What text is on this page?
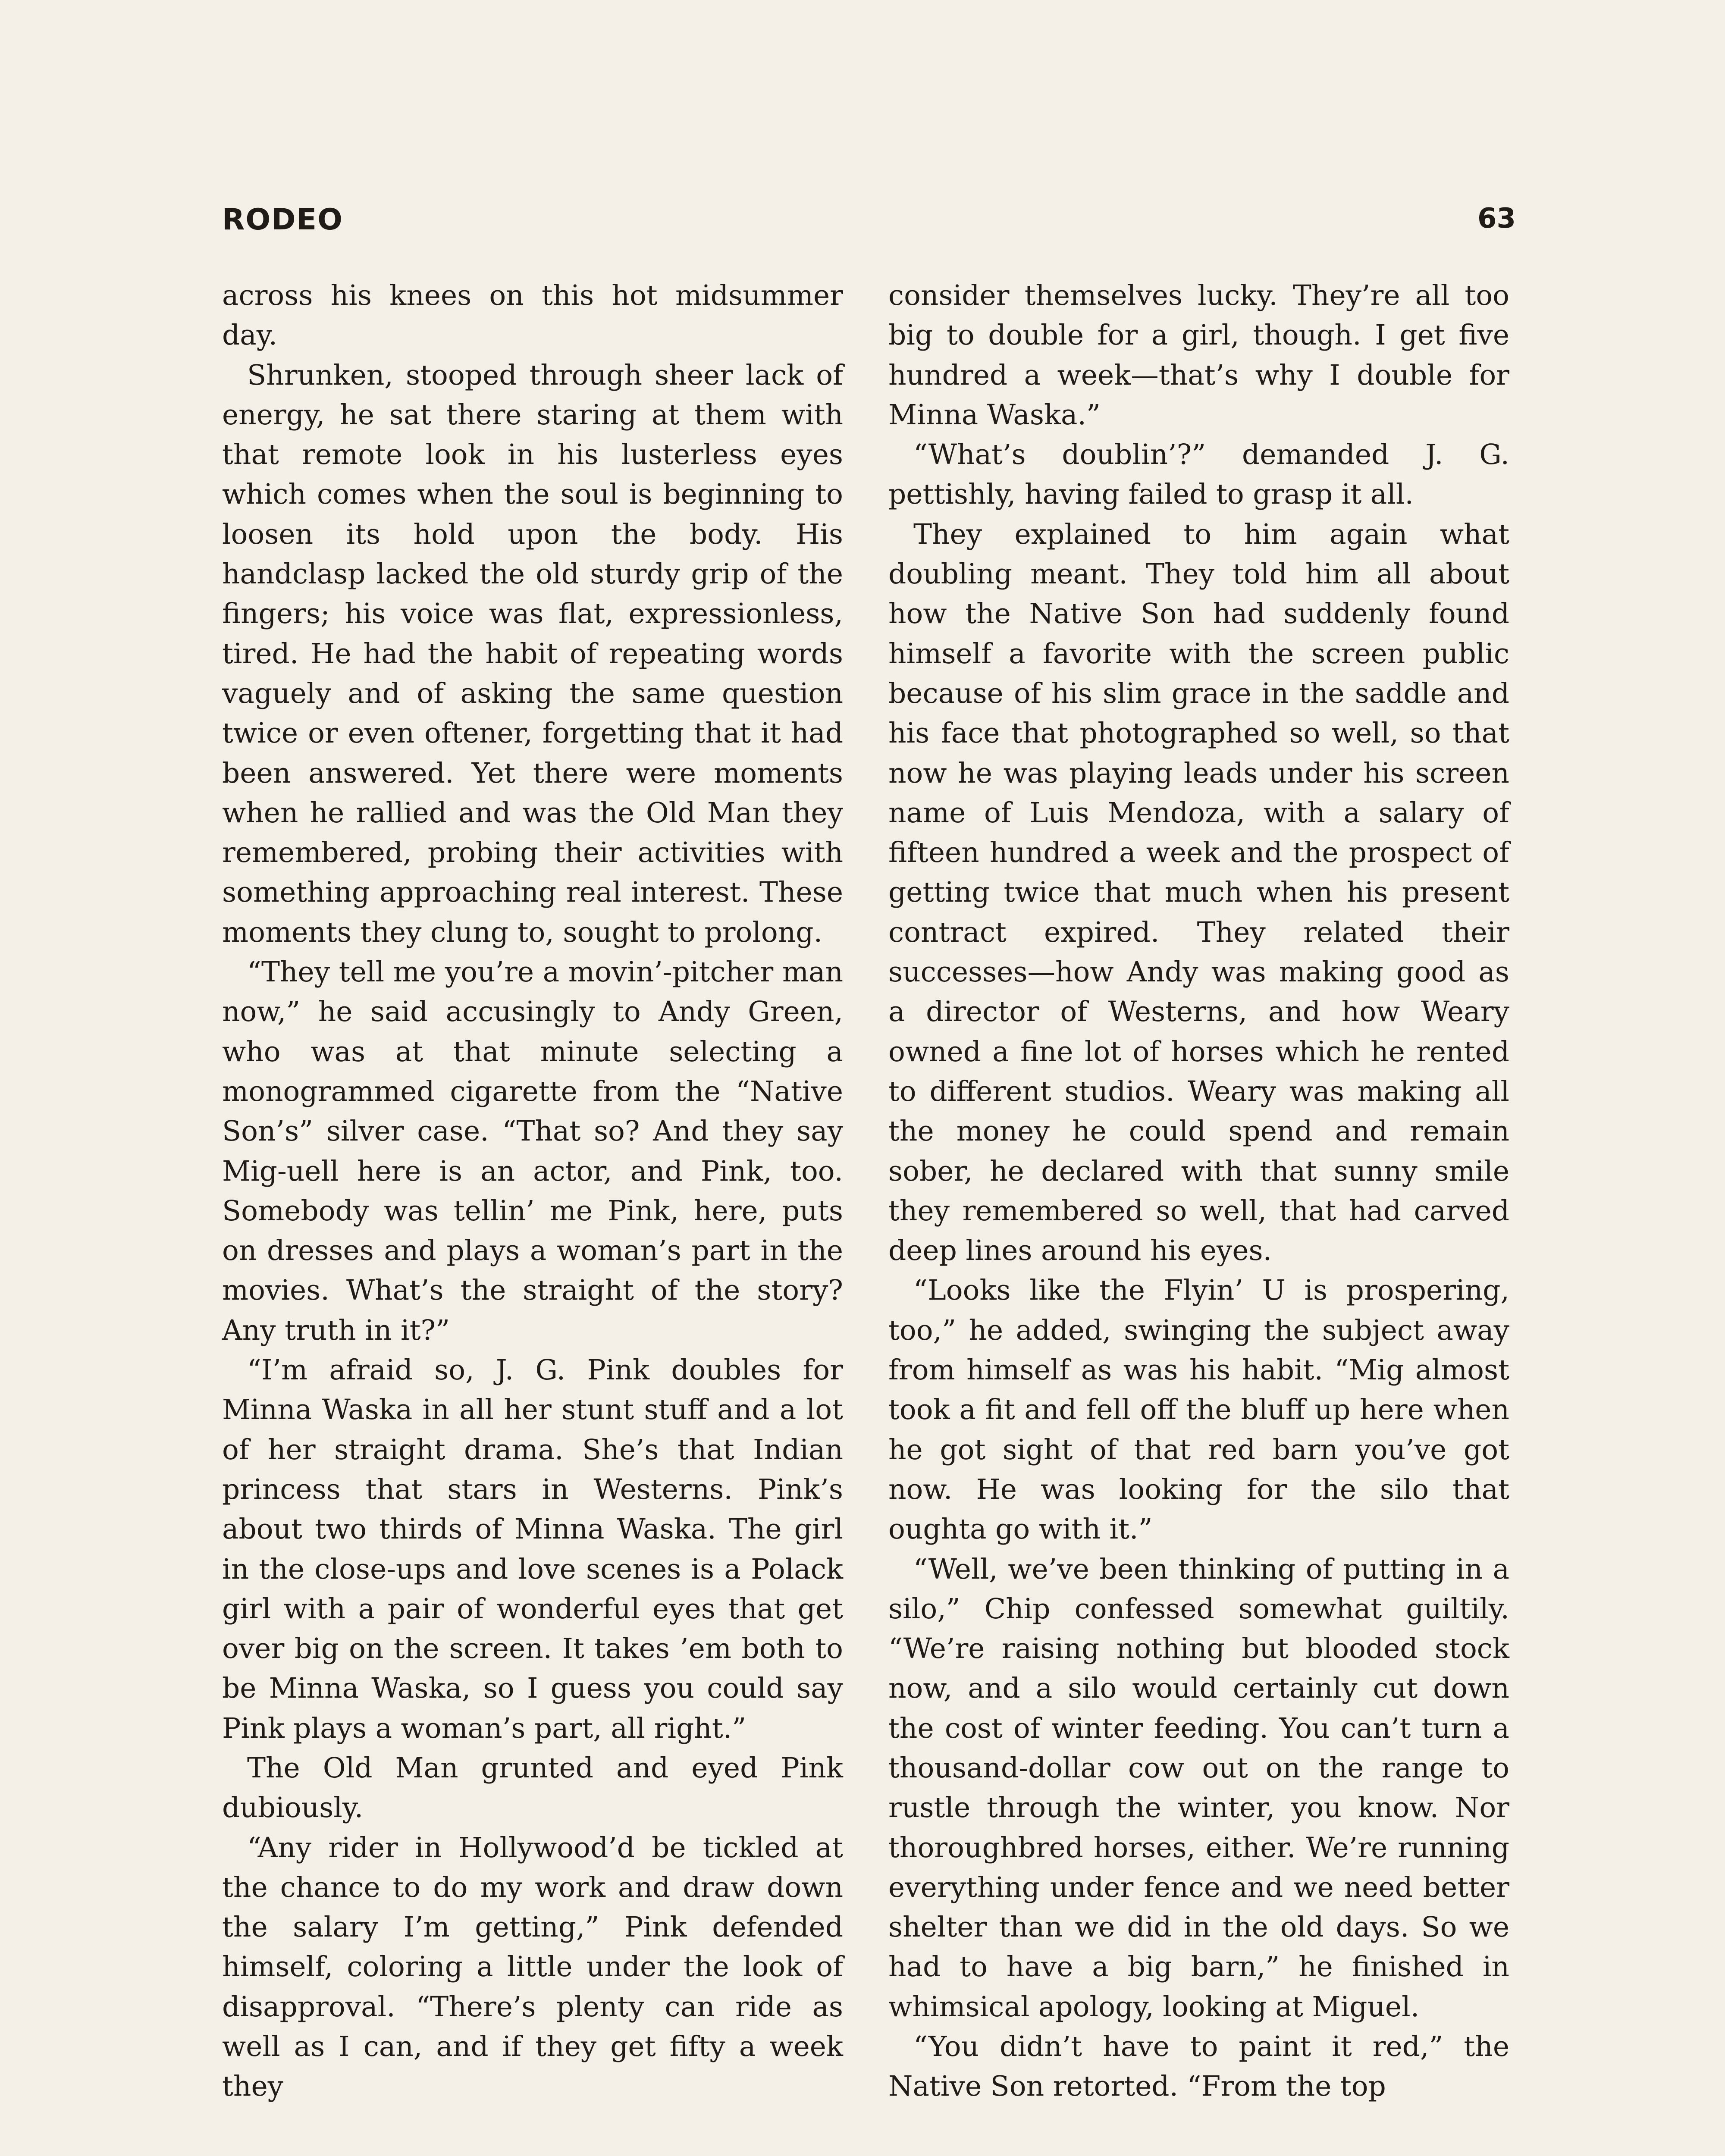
RODEO	63

across his knees on this hot midsummer day.

Shrunken, stooped through sheer lack of energy, he sat there staring at them with that remote look in his lusterless eyes which comes when the soul is beginning to loosen its hold upon the body. His handclasp lacked the old sturdy grip of the fingers; his voice was flat, expressionless, tired. He had the habit of repeating words vaguely and of asking the same question twice or even oftener, forgetting that it had been answered. Yet there were moments when he rallied and was the Old Man they remembered, probing their activities with something approaching real interest. These moments they clung to, sought to prolong.

“They tell me you’re a movin’-pitcher man now,” he said accusingly to Andy Green, who was at that minute selecting a monogrammed cigarette from the “Native Son’s” silver case. “That so? And they say Mig-uell here is an actor, and Pink, too. Somebody was tellin’ me Pink, here, puts on dresses and plays a woman’s part in the movies. What’s the straight of the story? Any truth in it?”

“I’m afraid so, J. G. Pink doubles for Minna Waska in all her stunt stuff and a lot of her straight drama. She’s that Indian princess that stars in Westerns. Pink’s about two thirds of Minna Waska. The girl in the close-ups and love scenes is a Polack girl with a pair of wonderful eyes that get over big on the screen. It takes ’em both to be Minna Waska, so I guess you could say Pink plays a woman’s part, all right.”

The Old Man grunted and eyed Pink dubiously.

“Any rider in Hollywood’d be tickled at the chance to do my work and draw down the salary I’m getting,” Pink defended himself, coloring a little under the look of disapproval. “There’s plenty can ride as well as I can, and if they get fifty a week they

consider themselves lucky. They’re all too big to double for a girl, though. I get five hundred a week—that’s why I double for Minna Waska.”

“What’s doublin’?” demanded J. G. pettishly, having failed to grasp it all.

They explained to him again what doubling meant. They told him all about how the Native Son had suddenly found himself a favorite with the screen public because of his slim grace in the saddle and his face that photographed so well, so that now he was playing leads under his screen name of Luis Mendoza, with a salary of fifteen hundred a week and the prospect of getting twice that much when his present contract expired. They related their successes—how Andy was making good as a director of Westerns, and how Weary owned a fine lot of horses which he rented to different studios. Weary was making all the money he could spend and remain sober, he declared with that sunny smile they remembered so well, that had carved deep lines around his eyes.

“Looks like the Flyin’ U is prospering, too,” he added, swinging the subject away from himself as was his habit. “Mig almost took a fit and fell off the bluff up here when he got sight of that red barn you’ve got now. He was looking for the silo that oughta go with it.”

“Well, we’ve been thinking of putting in a silo,” Chip confessed somewhat guiltily. “We’re raising nothing but blooded stock now, and a silo would certainly cut down the cost of winter feeding. You can’t turn a thousand-dollar cow out on the range to rustle through the winter, you know. Nor thoroughbred horses, either. We’re running everything under fence and we need better shelter than we did in the old days. So we had to have a big barn,” he finished in whimsical apology, looking at Miguel.

“You didn’t have to paint it red,” the Native Son retorted. “From the top
